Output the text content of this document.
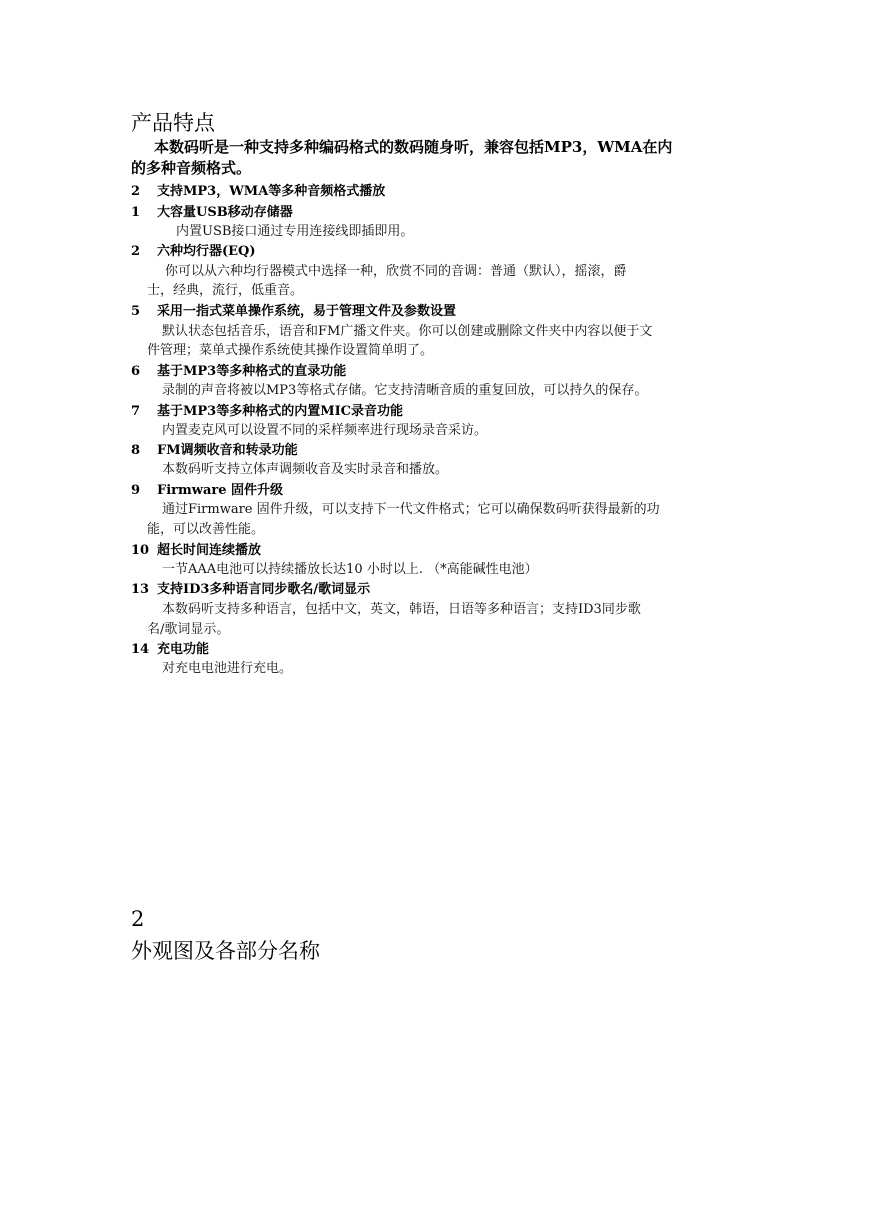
产品特点
本数码听是一种支持多种编码格式的数码随身听，兼容包括MP3，WMA在内
的多种音频格式。
2 支持MP3，WMA等多种音频格式播放
1 大容量USB移动存储器
内置USB接口通过专用连接线即插即用。
2 六种均行器(EQ)
你可以从六种均行器模式中选择一种，欣赏不同的音调：普通（默认），摇滚，爵
士，经典，流行，低重音。
5 采用一指式菜单操作系统，易于管理文件及参数设置
默认状态包括音乐，语音和FM广播文件夹。你可以创建或删除文件夹中内容以便于文
件管理；菜单式操作系统使其操作设置简单明了。
6 基于MP3等多种格式的直录功能
录制的声音将被以MP3等格式存储。它支持清晰音质的重复回放，可以持久的保存。
7 基于MP3等多种格式的内置MIC录音功能
内置麦克风可以设置不同的采样频率进行现场录音采访。
8 FM调频收音和转录功能
本数码听支持立体声调频收音及实时录音和播放。
9 Firmware 固件升级
通过Firmware 固件升级，可以支持下一代文件格式；它可以确保数码听获得最新的功
能，可以改善性能。
10 超长时间连续播放
一节AAA电池可以持续播放长达10 小时以上. （*高能碱性电池）
13 支持ID3多种语言同步歌名/歌词显示
本数码听支持多种语言，包括中文，英文，韩语，日语等多种语言；支持ID3同步歌
名/歌词显示。
14 充电功能
对充电电池进行充电。
2
外观图及各部分名称
